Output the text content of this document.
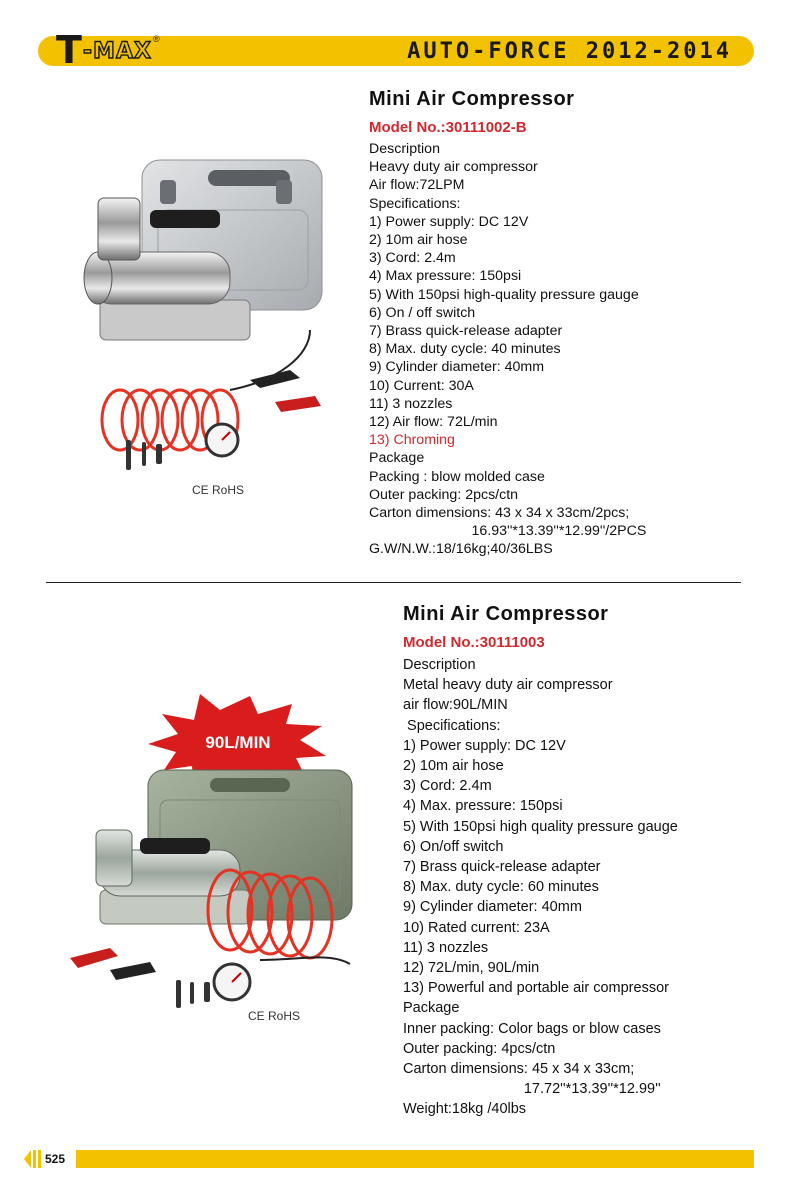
T -MAX ®	AUTO-FORCE 2012-2014
CE RoHS
Mini Air Compressor
Model No.:30111002-B
Description
Heavy duty air compressor
Air flow:72LPM
Specifications:
1) Power supply: DC 12V
2) 10m air hose
3) Cord: 2.4m
4) Max pressure: 150psi
5) With 150psi high-quality pressure gauge
6) On / off switch
7) Brass quick-release adapter
8) Max. duty cycle: 40 minutes
9) Cylinder diameter: 40mm
10) Current: 30A
11) 3 nozzles
12) Air flow: 72L/min
13) Chroming
Package
Packing : blow molded case
Outer packing: 2pcs/ctn
Carton dimensions: 43 x 34 x 33cm/2pcs;
16.93''*13.39''*12.99''/2PCS
G.W/N.W.:18/16kg;40/36LBS
90L/MIN
CE RoHS
Mini Air Compressor
Model No.:30111003
Description
Metal heavy duty air compressor
air flow:90L/MIN
Specifications:
1) Power supply: DC 12V
2) 10m air hose
3) Cord: 2.4m
4) Max. pressure: 150psi
5) With 150psi high quality pressure gauge
6) On/off switch
7) Brass quick-release adapter
8) Max. duty cycle: 60 minutes
9) Cylinder diameter: 40mm
10) Rated current: 23A
11) 3 nozzles
12) 72L/min, 90L/min
13) Powerful and portable air compressor
Package
Inner packing: Color bags or blow cases
Outer packing: 4pcs/ctn
Carton dimensions: 45 x 34 x 33cm;
17.72''*13.39''*12.99''
Weight:18kg /40lbs
525
